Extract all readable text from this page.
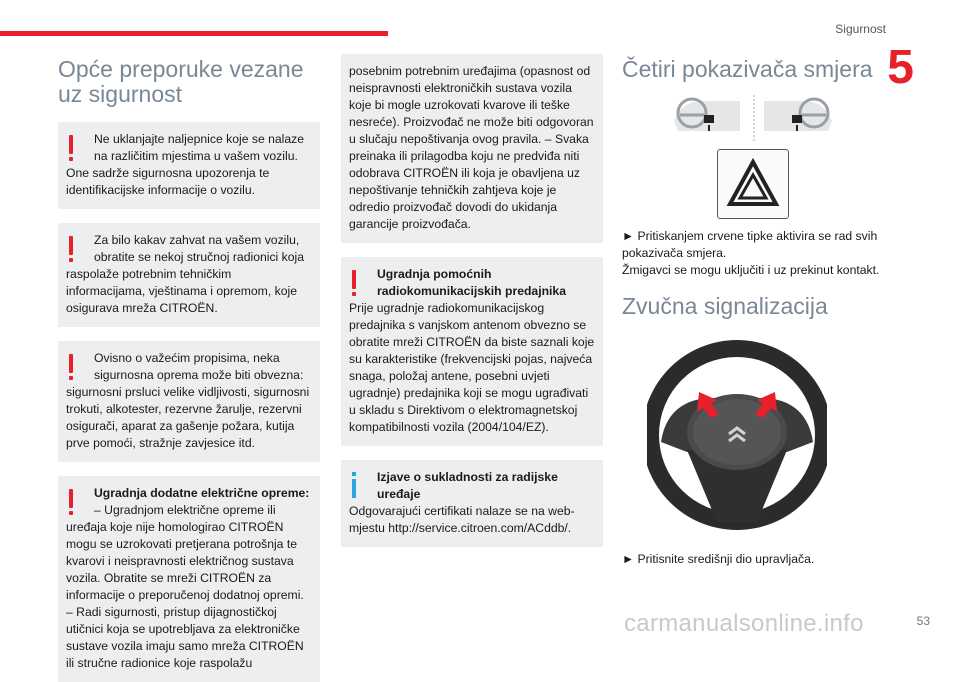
Sigurnost
5
Opće preporuke vezane uz sigurnost

Ne uklanjajte naljepnice koje se nalaze

na različitim mjestima u vašem vozilu.

One sadrže sigurnosna upozorenja te identifikacijske informacije o vozilu.

Za bilo kakav zahvat na vašem vozilu,

obratite se nekoj stručnoj radionici koja

raspolaže potrebnim tehničkim informacijama, vještinama i opremom, koje osigurava mreža CITROËN.

Ovisno o važećim propisima, neka

sigurnosna oprema može biti obvezna:

sigurnosni prsluci velike vidljivosti, sigurnosni trokuti, alkotester, rezervne žarulje, rezervni osigurači, aparat za gašenje požara, kutija prve pomoći, stražnje zavjesice itd.

Ugradnja dodatne električne opreme:

– Ugradnjom električne opreme ili

uređaja koje nije homologirao CITROËN mogu se uzrokovati pretjerana potrošnja te kvarovi i neispravnosti električnog sustava vozila. Obratite se mreži CITROËN za informacije o preporučenoj dodatnoj opremi. – Radi sigurnosti, pristup dijagnostičkoj utičnici koja se upotrebljava za elektroničke sustave vozila imaju samo mreža CITROËN ili stručne radionice koje raspolažu

posebnim potrebnim uređajima (opasnost od neispravnosti elektroničkih sustava vozila koje bi mogle uzrokovati kvarove ili teške nesreće). Proizvođač ne može biti odgovoran u slučaju nepoštivanja ovog pravila. – Svaka preinaka ili prilagodba koju ne predviđa niti odobrava CITROËN ili koja je obavljena uz nepoštivanje tehničkih zahtjeva koje je odredio proizvođač dovodi do ukidanja garancije proizvođača.

Ugradnja pomoćnih radiokomunikacijskih predajnika

Prije ugradnje radiokomunikacijskog predajnika s vanjskom antenom obvezno se obratite mreži CITROËN da biste saznali koje su karakteristike (frekvencijski pojas, najveća snaga, položaj antene, posebni uvjeti ugradnje) predajnika koji se mogu ugrađivati u skladu s Direktivom o elektromagnetskoj kompatibilnosti vozila (2004/104/EZ).

Izjave o sukladnosti za radijske uređaje

Odgovarajući certifikati nalaze se na web-mjestu http://service.citroen.com/ACddb/.

Četiri pokazivača smjera

► Pritiskanjem crvene tipke aktivira se rad svih pokazivača smjera.

Žmigavci se mogu uključiti i uz prekinut kontakt.

Zvučna signalizacija

► Pritisnite središnji dio upravljača.

carmanualsonline.info	53
